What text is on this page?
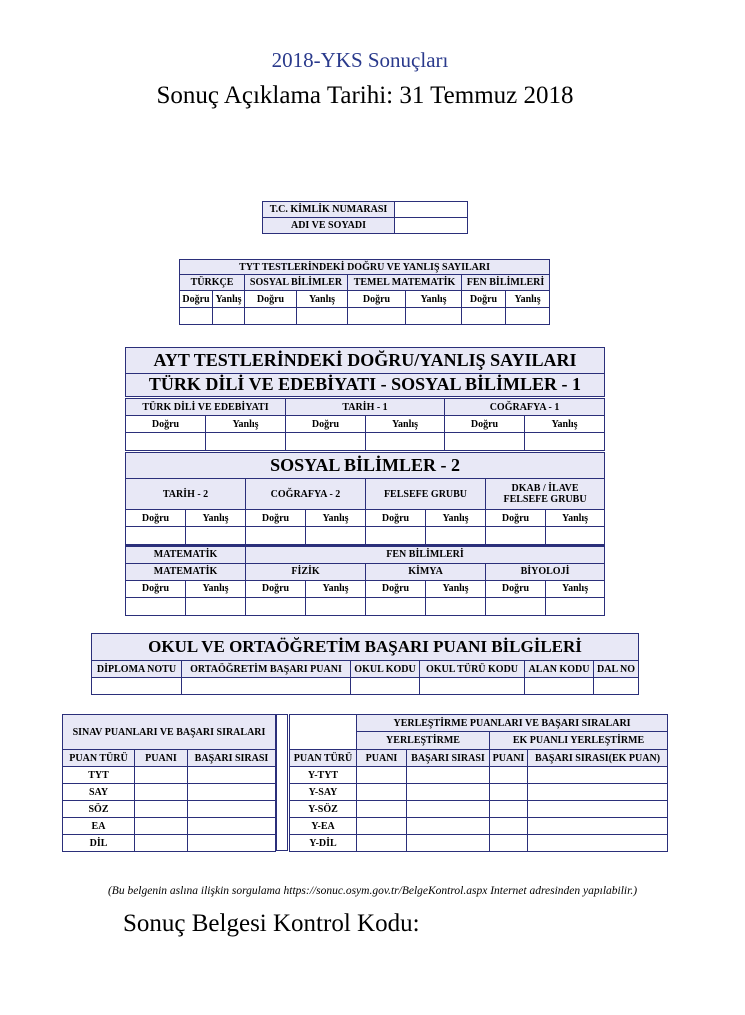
2018-YKS Sonuçları
Sonuç Açıklama Tarihi: 31 Temmuz 2018
T.C. KİMLİK NUMARASI	
ADI VE SOYADI	
TYT TESTLERİNDEKİ DOĞRU VE YANLIŞ SAYILARI							
TÜRKÇE		SOSYAL BİLİMLER		TEMEL MATEMATİK		FEN BİLİMLERİ	
Doğru	Yanlış	Doğru	Yanlış	Doğru	Yanlış	Doğru	Yanlış

AYT TESTLERİNDEKİ DOĞRU/YANLIŞ SAYILARI
TÜRK DİLİ VE EDEBİYATI - SOSYAL BİLİMLER - 1
TÜRK DİLİ VE EDEBİYATI		TARİH - 1		COĞRAFYA - 1	
Doğru	Yanlış	Doğru	Yanlış	Doğru	Yanlış

SOSYAL BİLİMLER - 2							
TARİH - 2		COĞRAFYA - 2		FELSEFE GRUBU		DKAB / İLAVE
FELSEFE GRUBU	
Doğru	Yanlış	Doğru	Yanlış	Doğru	Yanlış	Doğru	Yanlış

MATEMATİK		FEN BİLİMLERİ					
MATEMATİK		FİZİK		KİMYA		BİYOLOJİ	
Doğru	Yanlış	Doğru	Yanlış	Doğru	Yanlış	Doğru	Yanlış

OKUL VE ORTAÖĞRETİM BAŞARI PUANI BİLGİLERİ					
DİPLOMA NOTU	ORTAÖĞRETİM BAŞARI PUANI	OKUL KODU	OKUL TÜRÜ KODU	ALAN KODU	DAL NO

SINAV PUANLARI VE BAŞARI SIRALARI		
PUAN TÜRÜ	PUANI	BAŞARI SIRASI
TYT		
SAY		
SÖZ		
EA		
DİL		
	YERLEŞTİRME PUANLARI VE BAŞARI SIRALARI			
	YERLEŞTİRME		EK PUANLI YERLEŞTİRME	
PUAN TÜRÜ	PUANI	BAŞARI SIRASI	PUANI	BAŞARI SIRASI(EK PUAN)
Y-TYT				
Y-SAY				
Y-SÖZ				
Y-EA				
Y-DİL				
(Bu belgenin aslına ilişkin sorgulama https://sonuc.osym.gov.tr/BelgeKontrol.aspx Internet adresinden yapılabilir.)
Sonuç Belgesi Kontrol Kodu:
